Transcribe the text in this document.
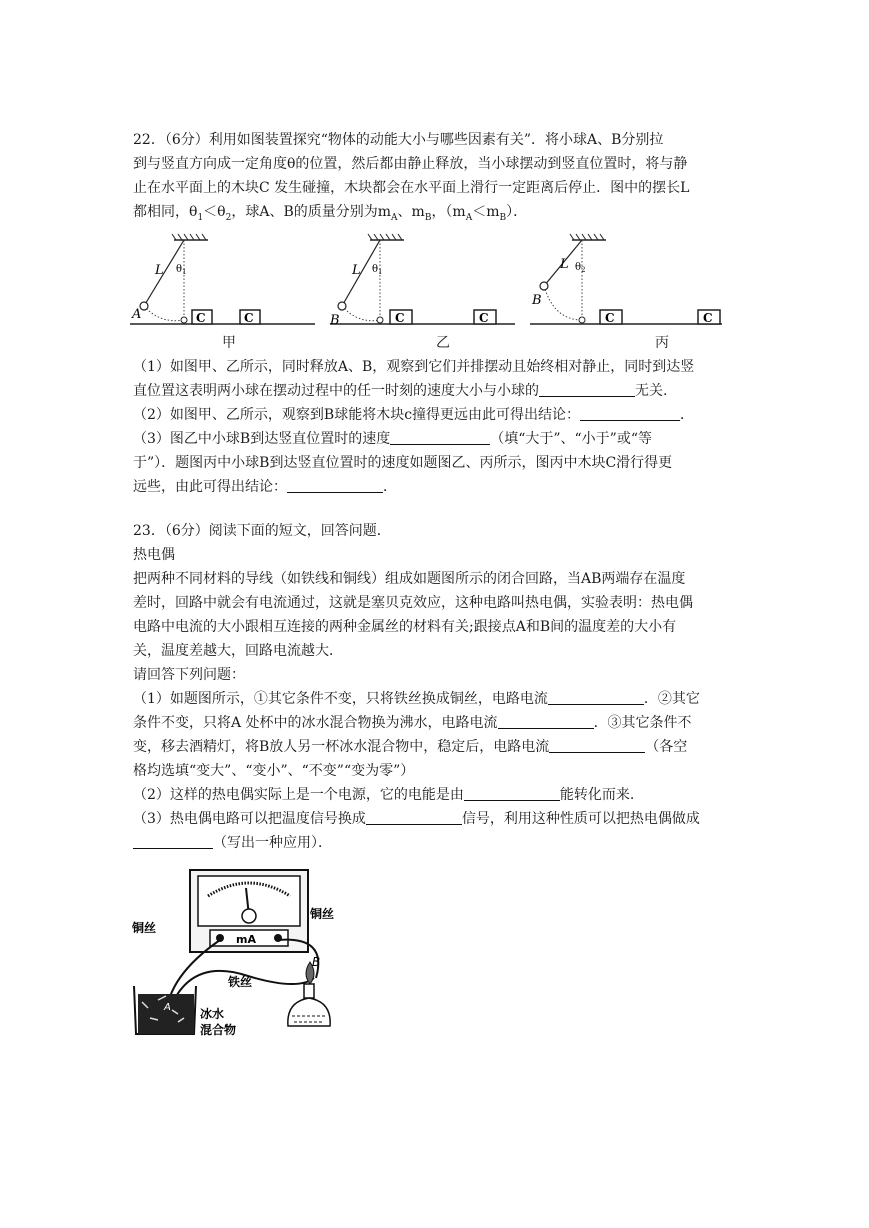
22．（6分）利用如图装置探究“物体的动能大小与哪些因素有关”．将小球A、B分别拉
到与竖直方向成一定角度θ的位置，然后都由静止释放，当小球摆动到竖直位置时，将与静
止在水平面上的木块C 发生碰撞，木块都会在水平面上滑行一定距离后停止．图中的摆长L
都相同，$\theta_1<\theta_2$，球A、B的质量分别为$m_A$、$m_B$，$(m_A<m_B)$．
L $\theta_1$
A	C	C
L $\theta_1$
B	C	C
L $\theta_2$
B
C	C
甲	乙	丙
（1）如图甲、乙所示，同时释放A、B，观察到它们并排摆动且始终相对静止，同时到达竖
直位置这表明两小球在摆动过程中的任一时刻的速度大小与小球的	无关.
（2）如图甲、乙所示，观察到B球能将木块c撞得更远由此可得出结论：	．
（3）图乙中小球B到达竖直位置时的速度	（填“大于”、“小于”或“等
于”）．题图丙中小球B到达竖直位置时的速度如题图乙、丙所示，图丙中木块C滑行得更
远些，由此可得出结论：	．
23．（6分）阅读下面的短文，回答问题．
热电偶
把两种不同材料的导线（如铁线和铜线）组成如题图所示的闭合回路，当AB两端存在温度
差时，回路中就会有电流通过，这就是塞贝克效应，这种电路叫热电偶，实验表明：热电偶
电路中电流的大小跟相互连接的两种金属丝的材料有关;跟接点A和B间的温度差的大小有
关，温度差越大，回路电流越大．
请回答下列问题：
（1）如题图所示，①其它条件不变，只将铁丝换成铜丝，电路电流	．②其它
条件不变，只将A 处杯中的冰水混合物换为沸水，电路电流	．③其它条件不
变，移去酒精灯，将B放人另一杯冰水混合物中，稳定后，电路电流	（各空
格均选填“变大”、“变小”、“不变”“变为零”）
（2）这样的热电偶实际上是一个电源，它的电能是由	能转化而来.
（3）热电偶电路可以把温度信号换成	信号，利用这种性质可以把热电偶做成
（写出一种应用）．
mA
铜丝
铜丝
铁丝
A 冰水
混合物
B
